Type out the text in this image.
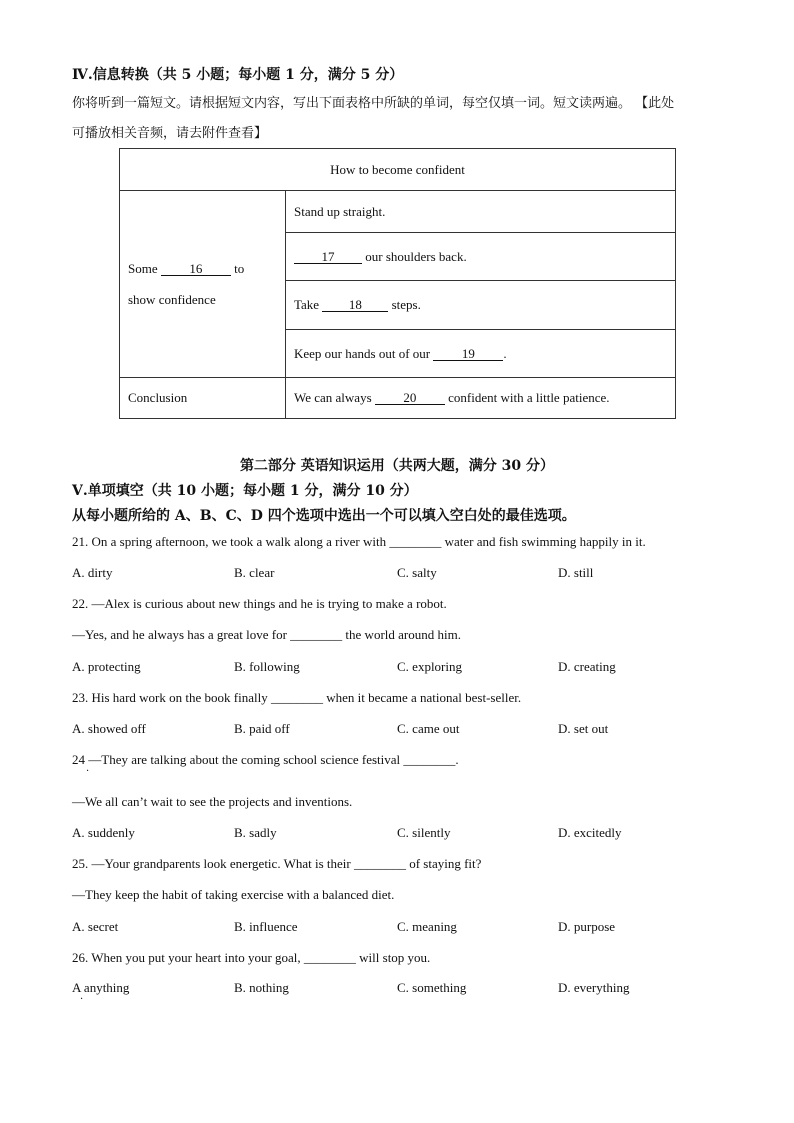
Ⅳ.信息转换（共 5 小题；每小题 1 分，满分 5 分）
你将听到一篇短文。请根据短文内容，写出下面表格中所缺的单词，每空仅填一词。短文读两遍。 【此处
可播放相关音频，请去附件查看】
How to become confident	
Some 16 to
show confidence	Stand up straight.
	17 our shoulders back.
	Take 18 steps.
	Keep our hands out of our 19 .
Conclusion	We can always 20 confident with a little patience.
第二部分 英语知识运用（共两大题，满分 30 分）
Ⅴ.单项填空（共 10 小题；每小题 1 分，满分 10 分）
从每小题所给的 A、B、C、D 四个选项中选出一个可以填入空白处的最佳选项。
21. On a spring afternoon, we took a walk along a river with ________ water and fish swimming happily in it.
A. dirty	B. clear	C. salty	D. still
22. —Alex is curious about new things and he is trying to make a robot.
—Yes, and he always has a great love for ________ the world around him.
A. protecting	B. following	C. exploring	D. creating
23. His hard work on the book finally ________ when it became a national best-seller.
A. showed off	B. paid off	C. came out	D. set out
24 —They are talking about the coming school science festival ________.
·
—We all can’t wait to see the projects and inventions.
A. suddenly	B. sadly	C. silently	D. excitedly
25. —Your grandparents look energetic. What is their ________ of staying fit?
—They keep the habit of taking exercise with a balanced diet.
A. secret	B. influence	C. meaning	D. purpose
26. When you put your heart into your goal, ________ will stop you.
A anything
·
B. nothing	C. something	D. everything
